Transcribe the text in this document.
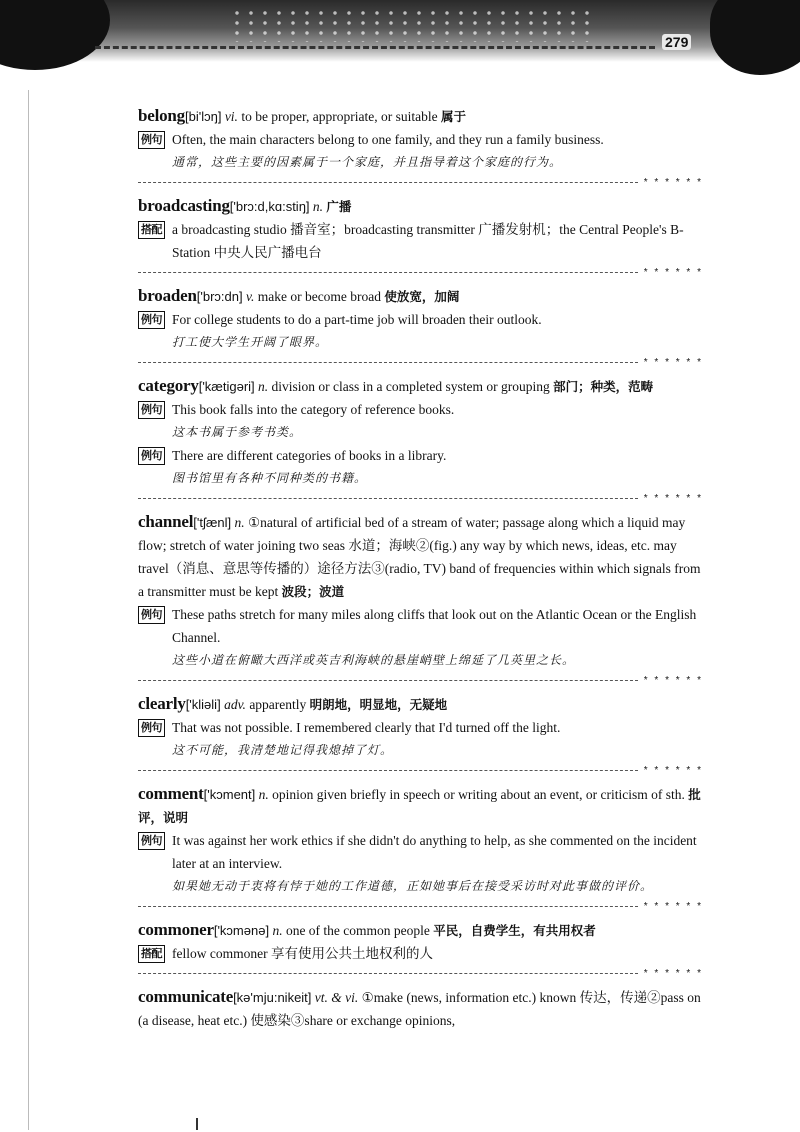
279
belong[bi'lɔŋ] vi. to be proper, appropriate, or suitable 属于
例句 Often, the main characters belong to one family, and they run a family business.
通常，这些主要的因素属于一个家庭，并且指导着这个家庭的行为。
* * * * * *
broadcasting['brɔ:d,kɑ:stiŋ] n. 广播
搭配 a broadcasting studio 播音室；broadcasting transmitter 广播发射机；the Central People's B-Station 中央人民广播电台
* * * * * *
broaden['brɔ:dn] v. make or become broad 使放宽，加阔
例句 For college students to do a part-time job will broaden their outlook.
打工使大学生开阔了眼界。
* * * * * *
category['kætigəri] n. division or class in a completed system or grouping 部门；种类，范畴
例句 This book falls into the category of reference books.
这本书属于参考书类。
例句 There are different categories of books in a library.
图书馆里有各种不同种类的书籍。
* * * * * *
channel['tʃænl] n. ①natural of artificial bed of a stream of water; passage along which a liquid may flow; stretch of water joining two seas 水道；海峡②(fig.) any way by which news, ideas, etc. may travel（消息、意思等传播的）途径方法③(radio, TV) band of frequencies within which signals from a transmitter must be kept 波段；波道
例句 These paths stretch for many miles along cliffs that look out on the Atlantic Ocean or the English Channel.
这些小道在俯瞰大西洋或英吉利海峡的悬崖峭壁上绵延了几英里之长。
* * * * * *
clearly['kliəli] adv. apparently 明朗地，明显地，无疑地
例句 That was not possible. I remembered clearly that I'd turned off the light.
这不可能，我清楚地记得我熄掉了灯。
* * * * * *
comment['kɔment] n. opinion given briefly in speech or writing about an event, or criticism of sth. 批评，说明
例句 It was against her work ethics if she didn't do anything to help, as she commented on the incident later at an interview.
如果她无动于衷将有悖于她的工作道德，正如她事后在接受采访时对此事做的评价。
* * * * * *
commoner['kɔmənə] n. one of the common people 平民，自费学生，有共用权者
搭配 fellow commoner 享有使用公共土地权利的人
* * * * * *
communicate[kə'mju:nikeit] vt. & vi. ①make (news, information etc.) known 传达，传递②pass on (a disease, heat etc.) 使感染③share or exchange opinions,
